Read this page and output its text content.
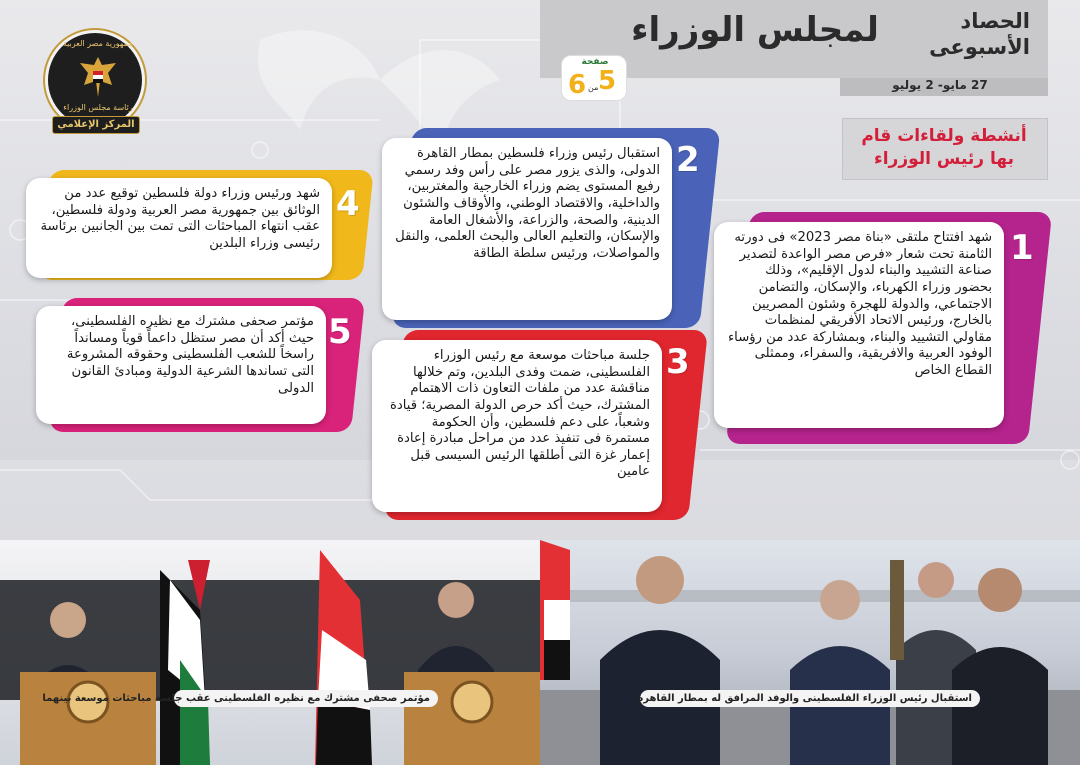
لمجلس الوزراء	الحصاد
الأسبوعى
27 مايو- 2 يوليو
صفحة
5
من
6
جمهورية مصر العربية
رئاسة مجلس الوزراء
المركز الإعلامي
أنشطة ولقاءات قام بها رئيس الوزراء
1
شهد افتتاح ملتقى «بناة مصر 2023» فى دورته الثامنة تحت شعار «فرص مصر الواعدة لتصدير صناعة التشييد والبناء لدول الإقليم»، وذلك بحضور وزراء الكهرباء، والإسكان، والتضامن الاجتماعي، والدولة للهجرة وشئون المصريين بالخارج، ورئيس الاتحاد الأفريقي لمنظمات مقاولي التشييد والبناء، وبمشاركة عدد من رؤساء الوفود العربية والافريقية، والسفراء، وممثلى القطاع الخاص
2
استقبال رئيس وزراء فلسطين بمطار القاهرة الدولى، والذى يزور مصر على رأس وفد رسمي رفيع المستوى يضم وزراء الخارجية والمغتربين، والداخلية، والاقتصاد الوطني، والأوقاف والشئون الدينية، والصحة، والزراعة، والأشغال العامة والإسكان، والتعليم العالى والبحث العلمى، والنقل والمواصلات، ورئيس سلطة الطاقة
3
جلسة مباحثات موسعة مع رئيس الوزراء الفلسطينى، ضمت وفدى البلدين، وتم خلالها مناقشة عدد من ملفات التعاون ذات الاهتمام المشترك، حيث أكد حرص الدولة المصرية؛ قيادة وشعباً، على دعم فلسطين، وأن الحكومة مستمرة فى تنفيذ عدد من مراحل مبادرة إعادة إعمار غزة التى أطلقها الرئيس السيسى قبل عامين
4
شهد ورئيس وزراء دولة فلسطين توقيع عدد من الوثائق بين جمهورية مصر العربية ودولة فلسطين، عقب انتهاء المباحثات التى تمت بين الجانبين برئاسة رئيسى وزراء البلدين
5
مؤتمر صحفى مشترك مع نظيره الفلسطينى، حيث أكد أن مصر ستظل داعماً قوياً ومسانداً راسخاً للشعب الفلسطينى وحقوقه المشروعة التى تساندها الشرعية الدولية ومبادئ القانون الدولى
مؤتمر صحفى مشترك مع نظيره الفلسطينى عقب جلسة مباحثات موسعة بينهما	استقبال رئيس الوزراء الفلسطينى والوفد المرافق له بمطار القاهرة
